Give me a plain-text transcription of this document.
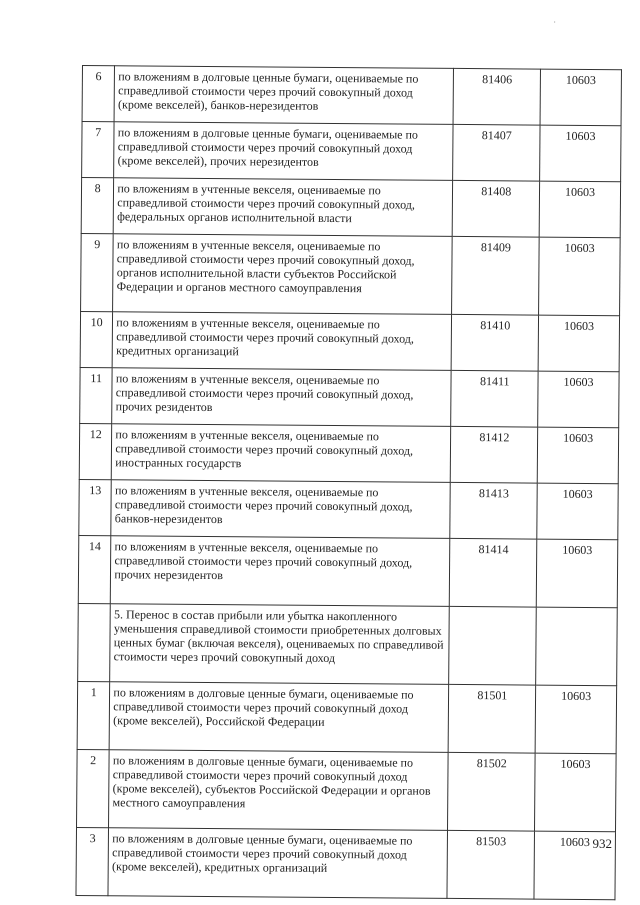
·
6	по вложениям в долговые ценные бумаги, оцениваемые по справедливой стоимости через прочий совокупный доход (кроме векселей), банков-нерезидентов	81406	10603
7	по вложениям в долговые ценные бумаги, оцениваемые по справедливой стоимости через прочий совокупный доход (кроме векселей), прочих нерезидентов	81407	10603
8	по вложениям в учтенные векселя, оцениваемые по справедливой стоимости через прочий совокупный доход, федеральных органов исполнительной власти	81408	10603
9	по вложениям в учтенные векселя, оцениваемые по справедливой стоимости через прочий совокупный доход, органов исполнительной власти субъектов Российской Федерации и органов местного самоуправления	81409	10603
10	по вложениям в учтенные векселя, оцениваемые по справедливой стоимости через прочий совокупный доход, кредитных организаций	81410	10603
11	по вложениям в учтенные векселя, оцениваемые по справедливой стоимости через прочий совокупный доход, прочих резидентов	81411	10603
12	по вложениям в учтенные векселя, оцениваемые по справедливой стоимости через прочий совокупный доход, иностранных государств	81412	10603
13	по вложениям в учтенные векселя, оцениваемые по справедливой стоимости через прочий совокупный доход, банков-нерезидентов	81413	10603
14	по вложениям в учтенные векселя, оцениваемые по справедливой стоимости через прочий совокупный доход, прочих нерезидентов	81414	10603
	5. Перенос в состав прибыли или убытка накопленного уменьшения справедливой стоимости приобретенных долговых ценных бумаг (включая векселя), оцениваемых по справедливой стоимости через прочий совокупный доход		
1	по вложениям в долговые ценные бумаги, оцениваемые по справедливой стоимости через прочий совокупный доход (кроме векселей), Российской Федерации	81501	10603
2	по вложениям в долговые ценные бумаги, оцениваемые по справедливой стоимости через прочий совокупный доход (кроме векселей), субъектов Российской Федерации и органов местного самоуправления	81502	10603
3	по вложениям в долговые ценные бумаги, оцениваемые по справедливой стоимости через прочий совокупный доход (кроме векселей), кредитных организаций	81503	10603 932
